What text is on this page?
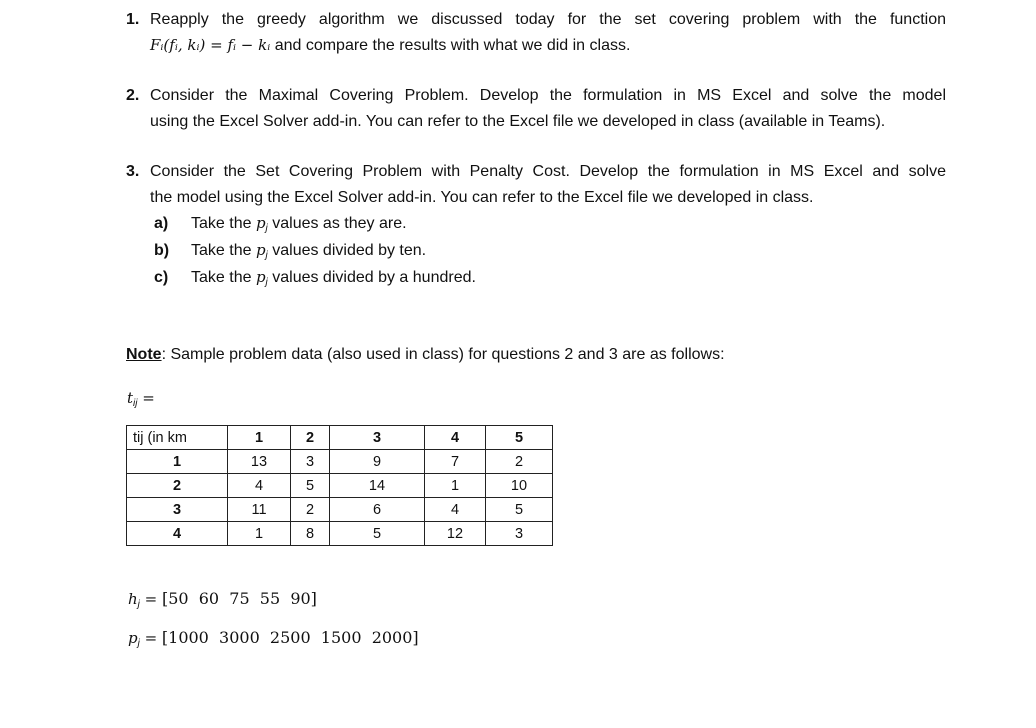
1. Reapply the greedy algorithm we discussed today for the set covering problem with the function
Fᵢ(fᵢ, kᵢ) = fᵢ − kᵢ and compare the results with what we did in class.
2. Consider the Maximal Covering Problem. Develop the formulation in MS Excel and solve the model
using the Excel Solver add-in. You can refer to the Excel file we developed in class (available in Teams).
3. Consider the Set Covering Problem with Penalty Cost. Develop the formulation in MS Excel and solve
the model using the Excel Solver add-in. You can refer to the Excel file we developed in class.
a) Take the $p_j$ values as they are.
b) Take the $p_j$ values divided by ten.
c) Take the $p_j$ values divided by a hundred.
Note: Sample problem data (also used in class) for questions 2 and 3 are as follows:
$t_{ij}$ =
tij (in km	1	2	3	4	5
1	13	3	9	7	2
2	4	5	14	1	10
3	11	2	6	4	5
4	1	8	5	12	3
$h_j = [50$  60  75  55  90]
$p_j = [1000$  3000  2500  1500  2000]
